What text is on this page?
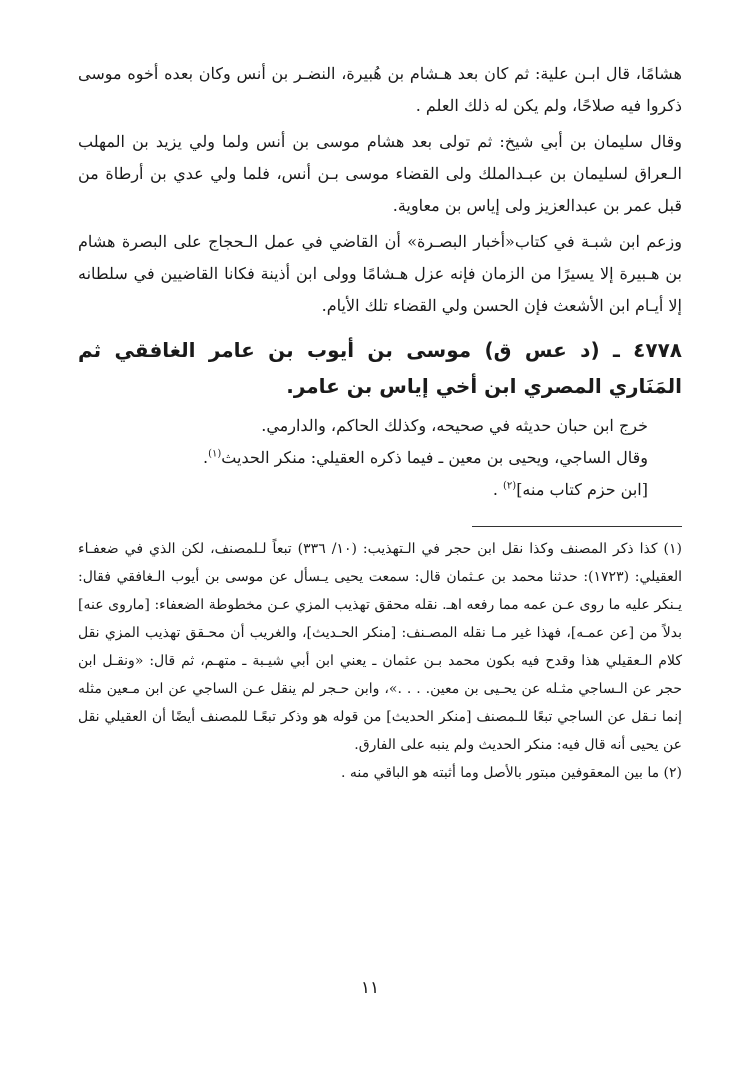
هشامًا، قال ابـن علية: ثم كان بعد هـشام بن هُبيرة، النضـر بن أنس وكان بعده أخوه موسى ذكروا فيه صلاحًا، ولم يكن له ذلك العلم .

وقال سليمان بن أبي شيخ: ثم تولى بعد هشام موسى بن أنس ولما ولي يزيد بن المهلب الـعراق لسليمان بن عبـدالملك ولى القضاء موسى بـن أنس، فلما ولي عدي بن أرطاة من قبل عمر بن عبدالعزيز ولى إياس بن معاوية.

وزعم ابن شبـة في كتاب«أخبار البصـرة» أن القاضي في عمل الـحجاج على البصرة هشام بن هـبيرة إلا يسيرًا من الزمان فإنه عزل هـشامًا وولى ابن أذينة فكانا القاضيين في سلطانه إلا أيـام ابن الأشعث فإن الحسن ولي القضاء تلك الأيام.

٤٧٧٨ ـ (د عس ق) موسى بن أيوب بن عامر الغافقي ثم المَنَاري المصري ابن أخي إياس بن عامر.

خرج ابن حبان حديثه في صحيحه، وكذلك الحاكم، والدارمي.

وقال الساجي، ويحيى بن معين ـ فيما ذكره العقيلي: منكر الحديث$^{(١)}$.

[ابن حزم كتاب منه]$^{(٢)}$ .

(١) كذا ذكر المصنف وكذا نقل ابن حجر في الـتهذيب: (١٠/ ٣٣٦) تبعاً لـلمصنف، لكن الذي في ضعفـاء العقيلي: (١٧٢٣): حدثنا محمد بن عـثمان قال: سمعت يحيى يـسأل عن موسى بن أيوب الـغافقي فقال: يـنكر عليه ما روى عـن عمه مما رفعه اهـ. نقله محقق تهذيب المزي عـن مخطوطة الضعفاء: [ماروى عنه] بدلاً من [عن عمـه]، فهذا غير مـا نقله المصـنف: [منكر الحـديث]، والغريب أن محـقق تهذيب المزي نقل كلام الـعقيلي هذا وقدح فيه بكون محمد بـن عثمان ـ يعني ابن أبي شيـبة ـ متهـم، ثم قال: «ونقـل ابن حجر عن الـساجي مثـله عن يحـيى بن معين. . . .»، وابن حـجر لم ينقل عـن الساجي عن ابن مـعين مثله إنما نـقل عن الساجي تبعًا للـمصنف [منكر الحديث] من قوله هو وذكر تبعًـا للمصنف أيضًا أن العقيلي نقل عن يحيى أنه قال فيه: منكر الحديث ولم ينبه على الفارق.

(٢) ما بين المعقوفين مبتور بالأصل وما أثبته هو الباقي منه .

١١
